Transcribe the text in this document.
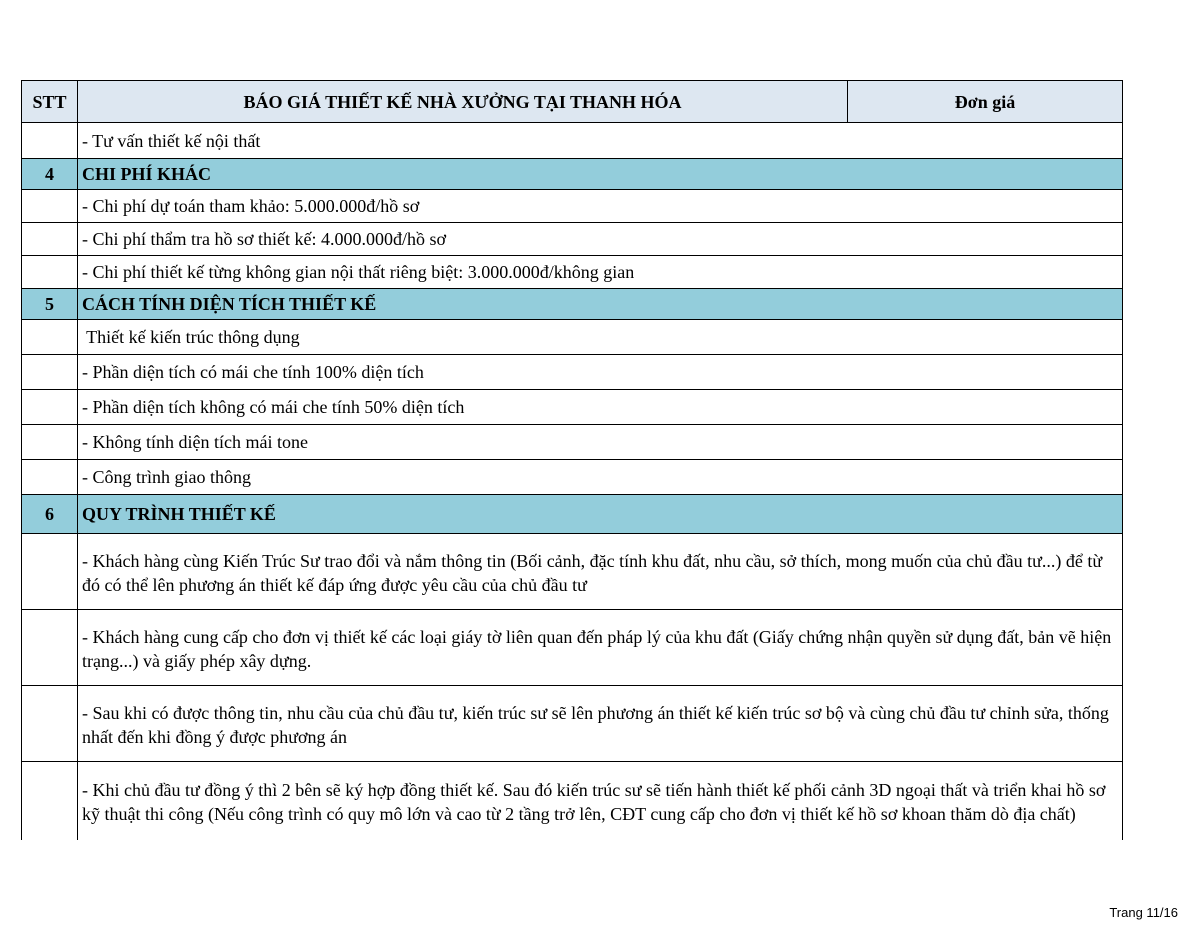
STT	BÁO GIÁ THIẾT KẾ NHÀ XƯỞNG TẠI THANH HÓA	Đơn giá
	- Tư vấn thiết kế nội thất	
4	CHI PHÍ KHÁC	
	- Chi phí dự toán tham khảo: 5.000.000đ/hồ sơ	
	- Chi phí thẩm tra hồ sơ thiết kế: 4.000.000đ/hồ sơ	
	- Chi phí thiết kế từng không gian nội thất riêng biệt: 3.000.000đ/không gian	
5	CÁCH TÍNH DIỆN TÍCH THIẾT KẾ	
	Thiết kế kiến trúc thông dụng	
	- Phần diện tích có mái che tính 100% diện tích	
	- Phần diện tích không có mái che tính 50% diện tích	
	- Không tính diện tích mái tone	
	- Công trình giao thông	
6	QUY TRÌNH THIẾT KẾ	
	- Khách hàng cùng Kiến Trúc Sư trao đổi và nắm thông tin (Bối cảnh, đặc tính khu đất, nhu cầu, sở thích, mong muốn của chủ đầu tư...) để từ đó có thể lên phương án thiết kế đáp ứng được yêu cầu của chủ đầu tư	
	- Khách hàng cung cấp cho đơn vị thiết kế các loại giáy tờ liên quan đến pháp lý của khu đất (Giấy chứng nhận quyền sử dụng đất, bản vẽ hiện trạng...) và giấy phép xây dựng.	
	- Sau khi có được thông tin, nhu cầu của chủ đầu tư, kiến trúc sư sẽ lên phương án thiết kế kiến trúc sơ bộ và cùng chủ đầu tư chỉnh sửa, thống nhất đến khi đồng ý được phương án	
	- Khi chủ đầu tư đồng ý thì 2 bên sẽ ký hợp đồng thiết kế. Sau đó kiến trúc sư sẽ tiến hành thiết kế phối cảnh 3D ngoại thất và triển khai hồ sơ kỹ thuật thi công (Nếu công trình có quy mô lớn và cao từ 2 tầng trở lên, CĐT cung cấp cho đơn vị thiết kế hồ sơ khoan thăm dò địa chất)	
Trang 11/16
